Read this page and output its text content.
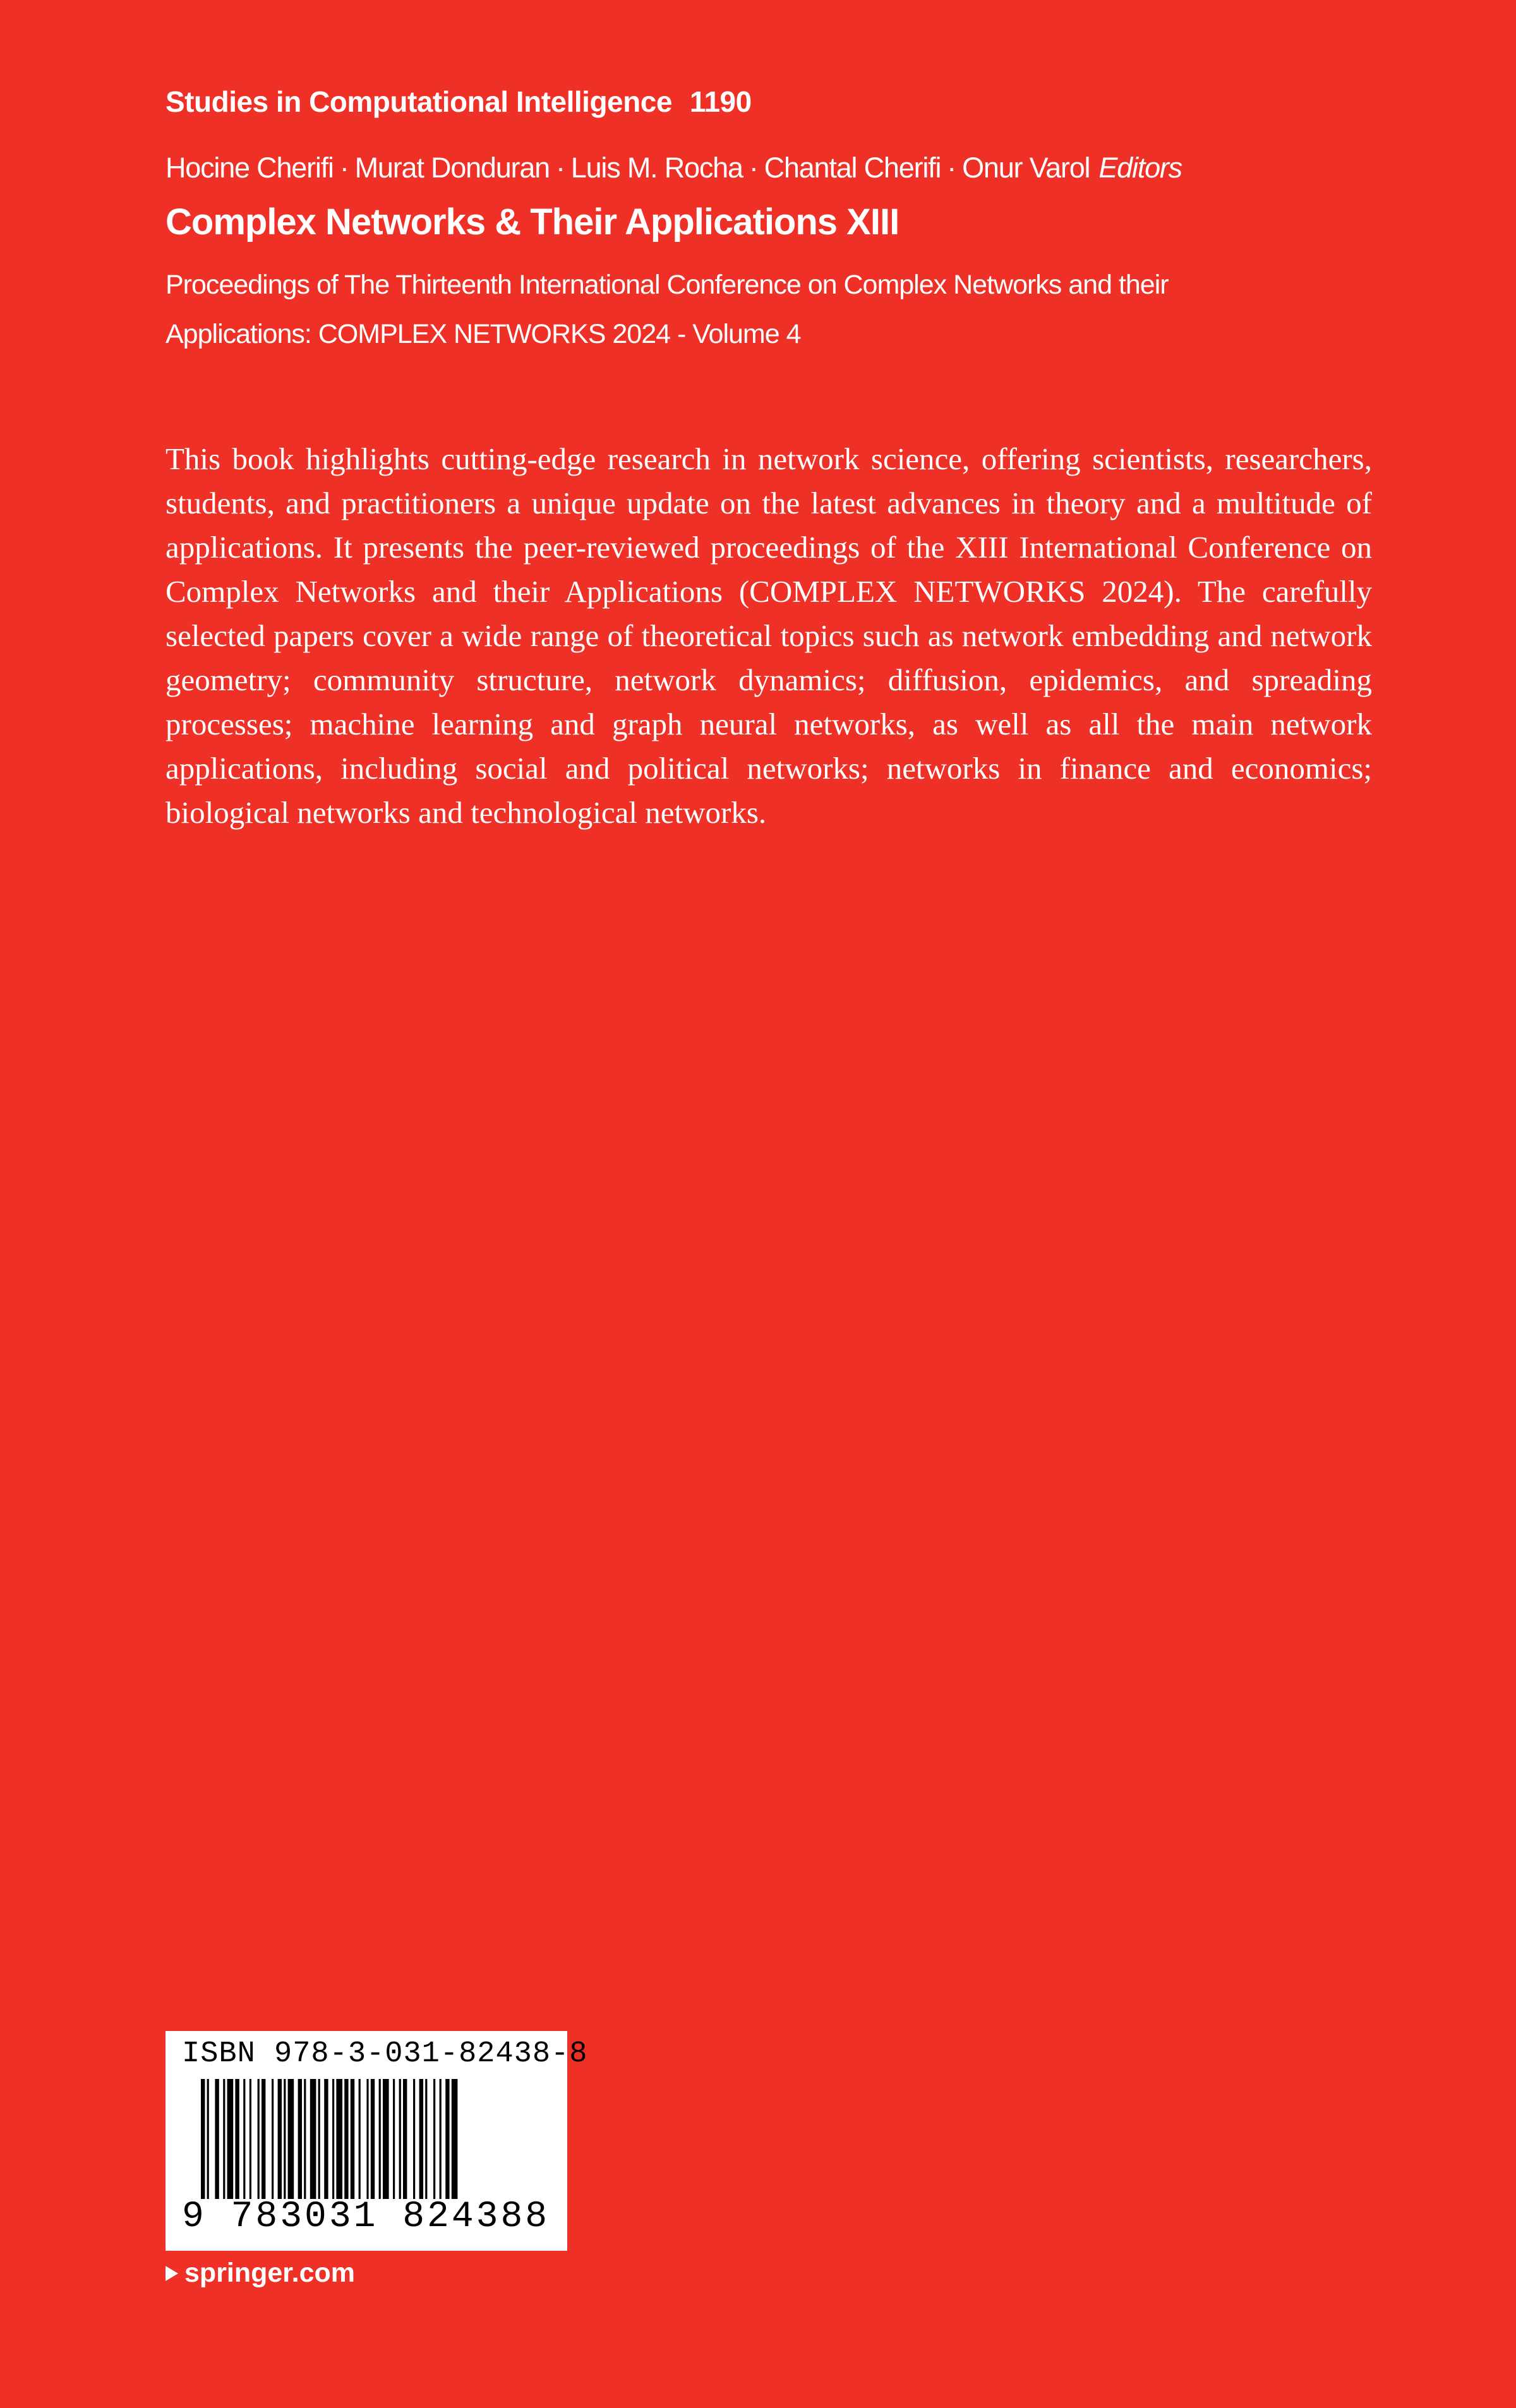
Studies in Computational Intelligence 1190
Hocine Cherifi · Murat Donduran · Luis M. Rocha · Chantal Cherifi · Onur Varol Editors
Complex Networks & Their Applications XIII
Proceedings of The Thirteenth International Conference on Complex Networks and their
Applications: COMPLEX NETWORKS 2024 - Volume 4
This book highlights cutting-edge research in network science, offering scientists, researchers, students, and practitioners a unique update on the latest advances in theory and a multitude of applications. It presents the peer-reviewed proceedings of the XIII International Conference on Complex Networks and their Applications (COMPLEX NETWORKS 2024). The carefully selected papers cover a wide range of theoretical topics such as network embedding and network geometry; community structure, network dynamics; diffusion, epidemics, and spreading processes; machine learning and graph neural networks, as well as all the main network applications, including social and political networks; networks in finance and economics; biological networks and technological networks.
ISBN 978-3-031-82438-8
9 783031 824388
springer.com
